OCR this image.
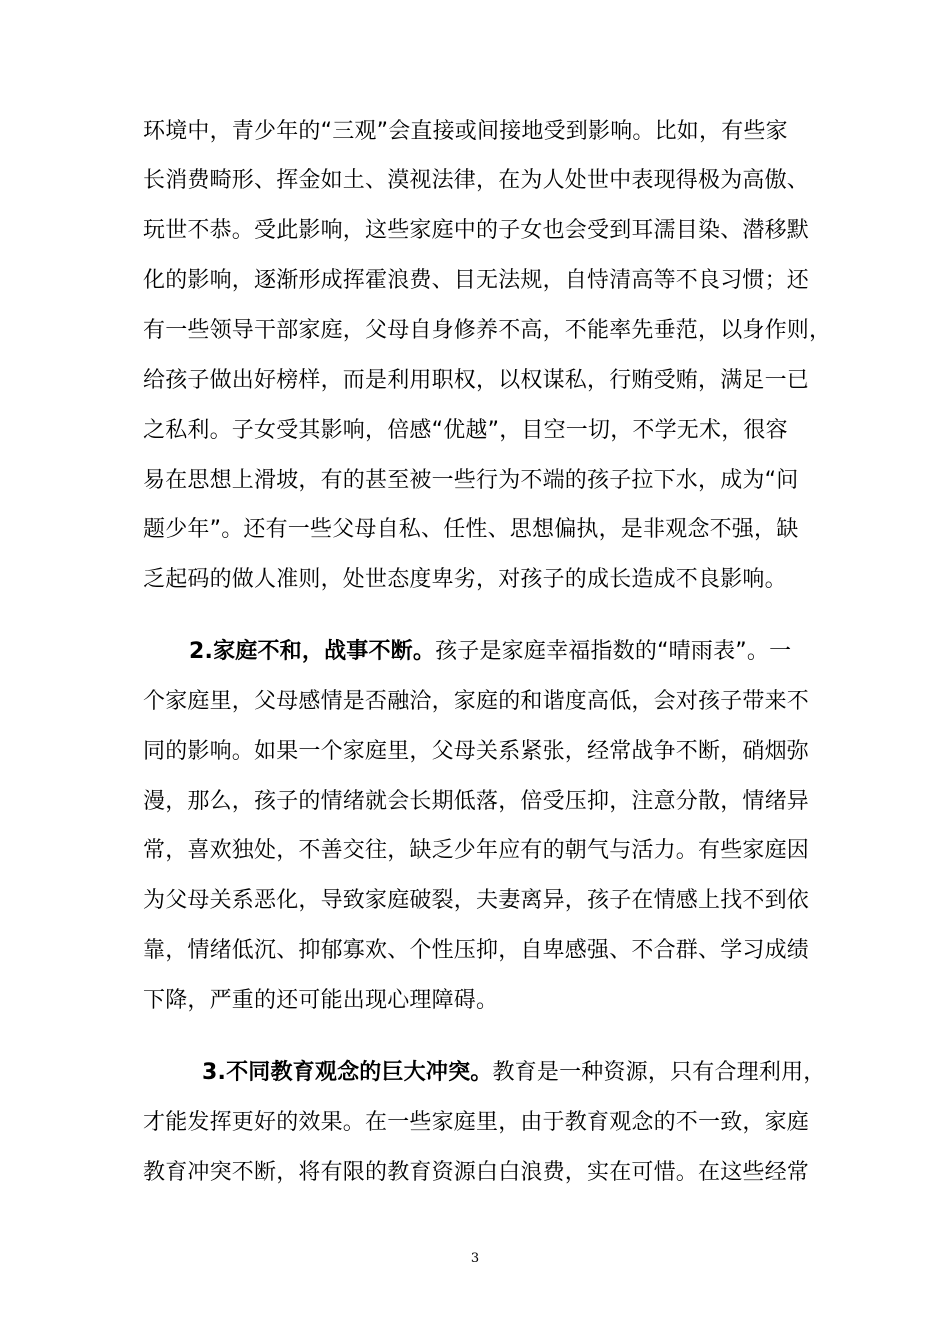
环境中，青少年的“三观”会直接或间接地受到影响。比如，有些家
长消费畸形、挥金如土、漠视法律，在为人处世中表现得极为高傲、
玩世不恭。受此影响，这些家庭中的子女也会受到耳濡目染、潜移默
化的影响，逐渐形成挥霍浪费、目无法规，自恃清高等不良习惯；还
有一些领导干部家庭，父母自身修养不高，不能率先垂范，以身作则，
给孩子做出好榜样，而是利用职权，以权谋私，行贿受贿，满足一已
之私利。子女受其影响，倍感“优越”，目空一切，不学无术，很容
易在思想上滑坡，有的甚至被一些行为不端的孩子拉下水，成为“问
题少年”。还有一些父母自私、任性、思想偏执，是非观念不强，缺
乏起码的做人准则，处世态度卑劣，对孩子的成长造成不良影响。
2.家庭不和，战事不断。孩子是家庭幸福指数的“晴雨表”。一
个家庭里，父母感情是否融洽，家庭的和谐度高低，会对孩子带来不
同的影响。如果一个家庭里，父母关系紧张，经常战争不断，硝烟弥
漫，那么，孩子的情绪就会长期低落，倍受压抑，注意分散，情绪异
常，喜欢独处，不善交往，缺乏少年应有的朝气与活力。有些家庭因
为父母关系恶化，导致家庭破裂，夫妻离异，孩子在情感上找不到依
靠，情绪低沉、抑郁寡欢、个性压抑，自卑感强、不合群、学习成绩
下降，严重的还可能出现心理障碍。
3.不同教育观念的巨大冲突。教育是一种资源，只有合理利用，
才能发挥更好的效果。在一些家庭里，由于教育观念的不一致，家庭
教育冲突不断，将有限的教育资源白白浪费，实在可惜。在这些经常
3
